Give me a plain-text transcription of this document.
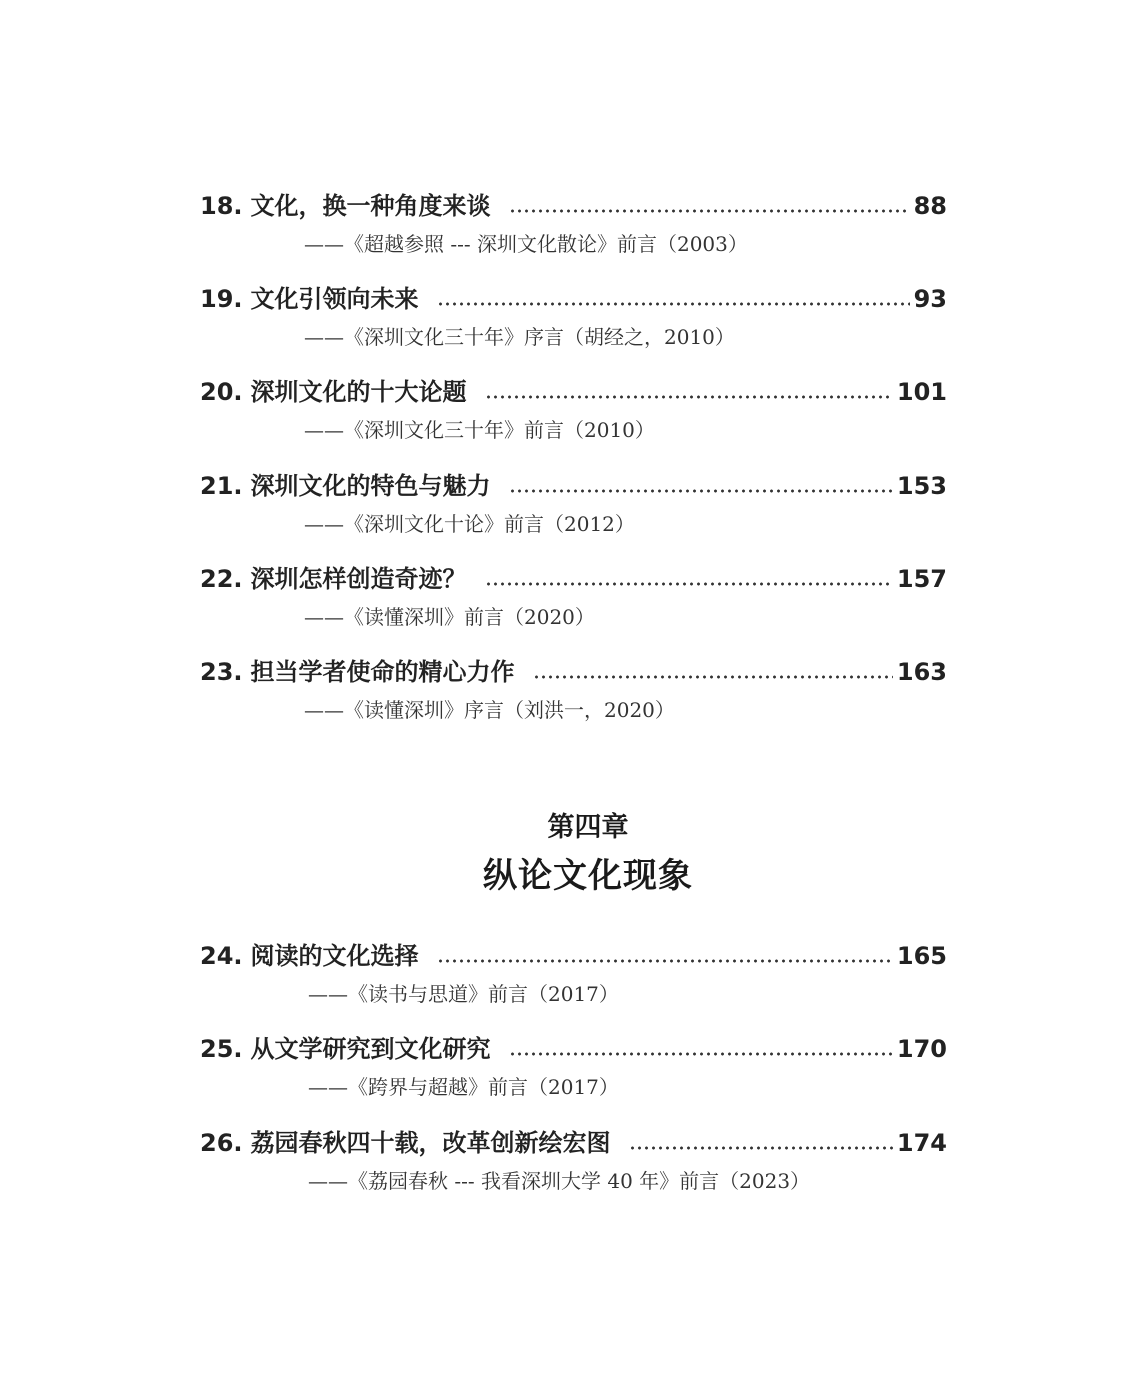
18. 文化，换一种角度来谈	88
——《超越参照 --- 深圳文化散论》前言（2003）
19. 文化引领向未来	93
——《深圳文化三十年》序言（胡经之，2010）
20. 深圳文化的十大论题	101
——《深圳文化三十年》前言（2010）
21. 深圳文化的特色与魅力	153
——《深圳文化十论》前言（2012）
22. 深圳怎样创造奇迹？	157
——《读懂深圳》前言（2020）
23. 担当学者使命的精心力作	163
——《读懂深圳》序言（刘洪一，2020）
第四章
纵论文化现象
24. 阅读的文化选择	165
——《读书与思道》前言（2017）
25. 从文学研究到文化研究	170
——《跨界与超越》前言（2017）
26. 荔园春秋四十载，改革创新绘宏图	174
——《荔园春秋 --- 我看深圳大学 40 年》前言（2023）
